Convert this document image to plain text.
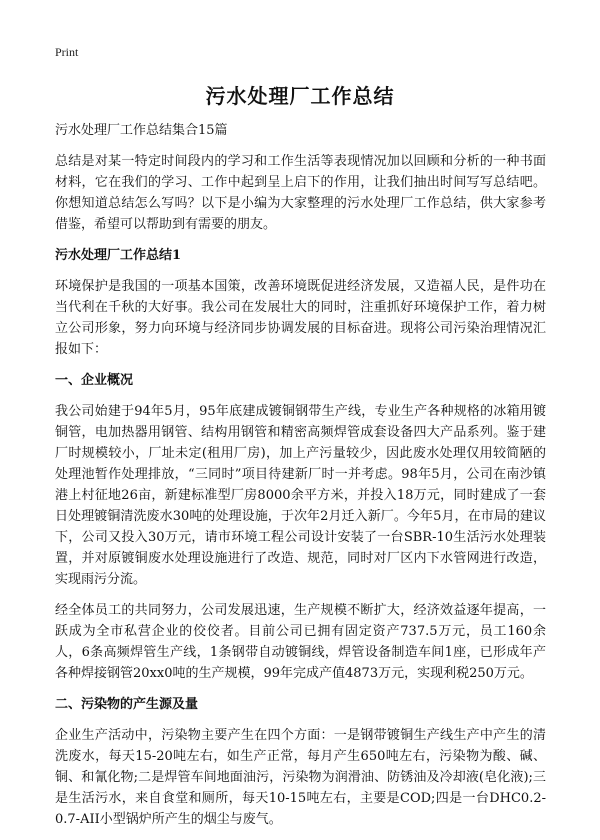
Print
污水处理厂工作总结

污水处理厂工作总结集合15篇

总结是对某一特定时间段内的学习和工作生活等表现情况加以回顾和分析的一种书面材料，它在我们的学习、工作中起到呈上启下的作用，让我们抽出时间写写总结吧。你想知道总结怎么写吗？以下是小编为大家整理的污水处理厂工作总结，供大家参考借鉴，希望可以帮助到有需要的朋友。

污水处理厂工作总结1

环境保护是我国的一项基本国策，改善环境既促进经济发展，又造福人民，是件功在当代利在千秋的大好事。我公司在发展壮大的同时，注重抓好环境保护工作，着力树立公司形象，努力向环境与经济同步协调发展的目标奋进。现将公司污染治理情况汇报如下：

一、企业概况

我公司始建于94年5月，95年底建成镀铜钢带生产线，专业生产各种规格的冰箱用镀铜管，电加热器用钢管、结构用钢管和精密高频焊管成套设备四大产品系列。鉴于建厂时规模较小，厂址未定(租用厂房)，加上产污量较少，因此废水处理仅用较简陋的处理池暂作处理排放，“三同时”项目待建新厂时一并考虑。98年5月，公司在南沙镇港上村征地26亩，新建标准型厂房8000余平方米，并投入18万元，同时建成了一套日处理镀铜清洗废水30吨的处理设施，于次年2月迁入新厂。今年5月，在市局的建议下，公司又投入30万元，请市环境工程公司设计安装了一台SBR-10生活污水处理装置，并对原镀铜废水处理设施进行了改造、规范，同时对厂区内下水管网进行改造，实现雨污分流。

经全体员工的共同努力，公司发展迅速，生产规模不断扩大，经济效益逐年提高，一跃成为全市私营企业的佼佼者。目前公司已拥有固定资产737.5万元，员工160余人，6条高频焊管生产线，1条钢带自动镀铜线，焊管设备制造车间1座，已形成年产各种焊接钢管20xx0吨的生产规模，99年完成产值4873万元，实现利税250万元。

二、污染物的产生源及量

企业生产活动中，污染物主要产生在四个方面：一是钢带镀铜生产线生产中产生的清洗废水，每天15-20吨左右，如生产正常，每月产生650吨左右，污染物为酸、碱、铜、和氰化物;二是焊管车间地面油污，污染物为润滑油、防锈油及冷却液(皂化液);三是生活污水，来自食堂和厕所，每天10-15吨左右，主要是COD;四是一台DHC0.2-0.7-AII小型锅炉所产生的烟尘与废气。
